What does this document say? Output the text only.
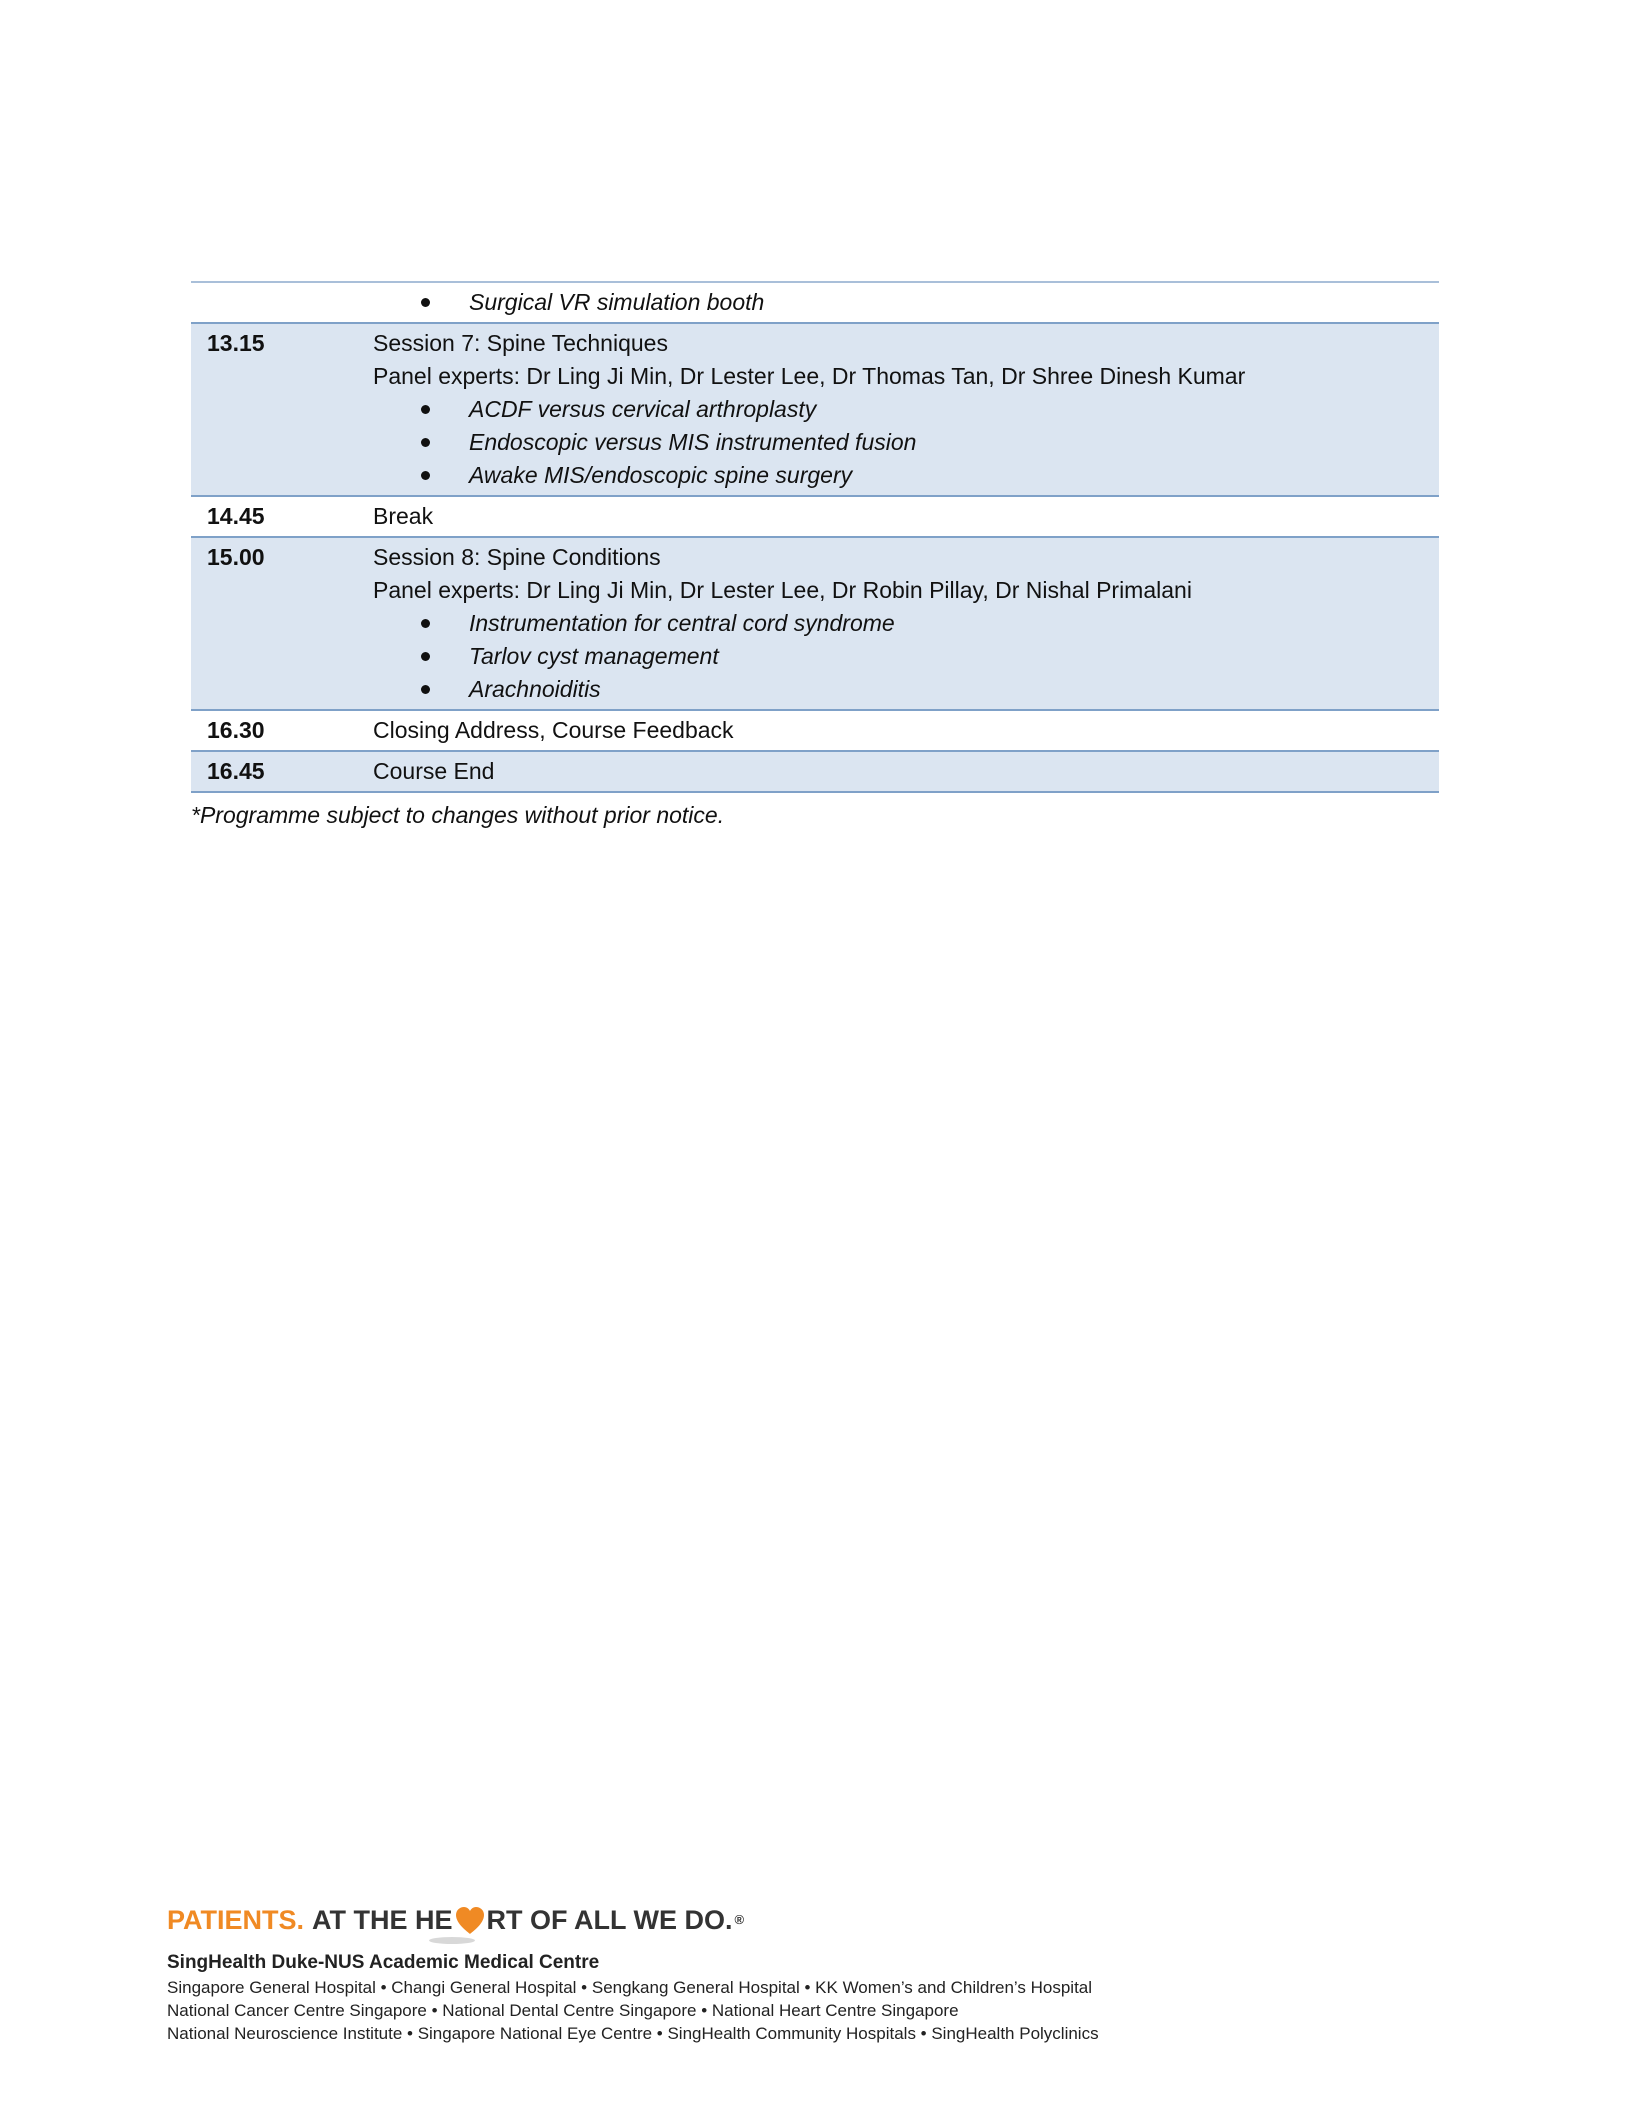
Surgical VR simulation booth
13.15	Session 7: Spine Techniques
Panel experts: Dr Ling Ji Min, Dr Lester Lee, Dr Thomas Tan, Dr Shree Dinesh Kumar
ACDF versus cervical arthroplasty
Endoscopic versus MIS instrumented fusion
Awake MIS/endoscopic spine surgery
14.45	Break
15.00	Session 8: Spine Conditions
Panel experts: Dr Ling Ji Min, Dr Lester Lee, Dr Robin Pillay, Dr Nishal Primalani
Instrumentation for central cord syndrome
Tarlov cyst management
Arachnoiditis
16.30	Closing Address, Course Feedback
16.45	Course End
*Programme subject to changes without prior notice.
PATIENTS. AT THE HE RT OF ALL WE DO. ®
SingHealth Duke-NUS Academic Medical Centre
Singapore General Hospital • Changi General Hospital • Sengkang General Hospital • KK Women’s and Children’s Hospital
National Cancer Centre Singapore • National Dental Centre Singapore • National Heart Centre Singapore
National Neuroscience Institute • Singapore National Eye Centre • SingHealth Community Hospitals • SingHealth Polyclinics
